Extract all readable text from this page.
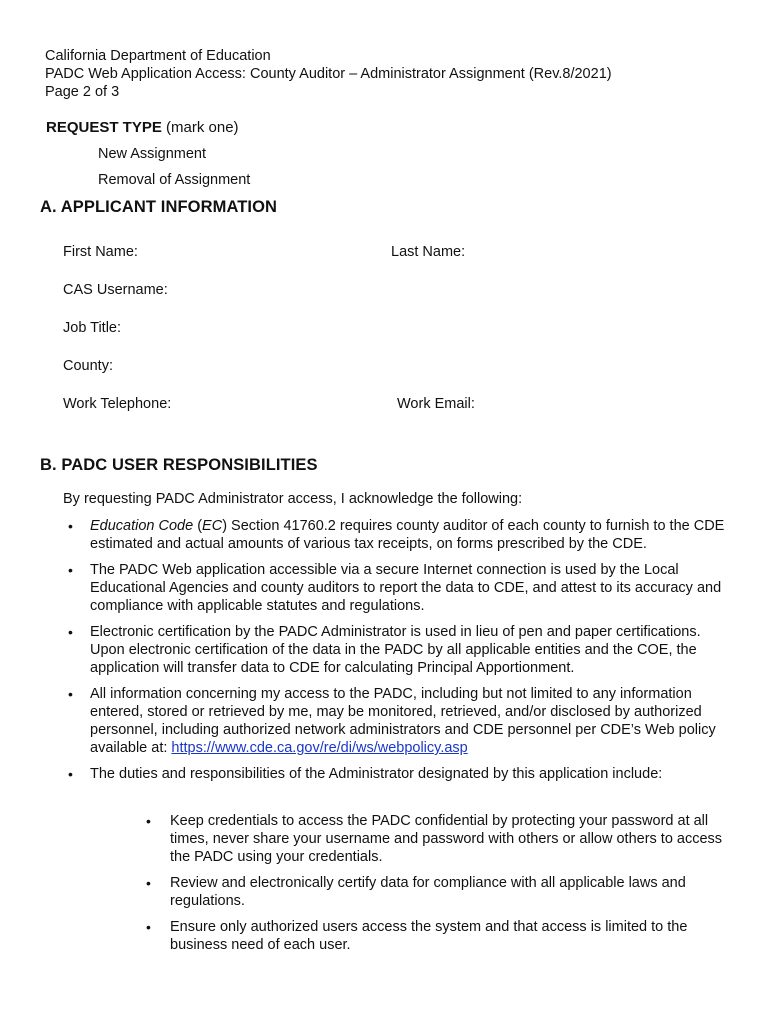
California Department of Education
PADC Web Application Access: County Auditor – Administrator Assignment (Rev.8/2021)
Page 2 of 3
REQUEST TYPE (mark one)
New Assignment
Removal of Assignment
A. APPLICANT INFORMATION
First Name:	Last Name:
CAS Username:
Job Title:
County:
Work Telephone:	Work Email:
B. PADC USER RESPONSIBILITIES
By requesting PADC Administrator access, I acknowledge the following:
• Education Code (EC) Section 41760.2 requires county auditor of each county to furnish to the CDE estimated and actual amounts of various tax receipts, on forms prescribed by the CDE.
• The PADC Web application accessible via a secure Internet connection is used by the Local Educational Agencies and county auditors to report the data to CDE, and attest to its accuracy and compliance with applicable statutes and regulations.
• Electronic certification by the PADC Administrator is used in lieu of pen and paper certifications. Upon electronic certification of the data in the PADC by all applicable entities and the COE, the application will transfer data to CDE for calculating Principal Apportionment.
• All information concerning my access to the PADC, including but not limited to any information entered, stored or retrieved by me, may be monitored, retrieved, and/or disclosed by authorized personnel, including authorized network administrators and CDE personnel per CDE’s Web policy available at: https://www.cde.ca.gov/re/di/ws/webpolicy.asp
• The duties and responsibilities of the Administrator designated by this application include:
• Keep credentials to access the PADC confidential by protecting your password at all times, never share your username and password with others or allow others to access the PADC using your credentials.
• Review and electronically certify data for compliance with all applicable laws and regulations.
• Ensure only authorized users access the system and that access is limited to the business need of each user.
